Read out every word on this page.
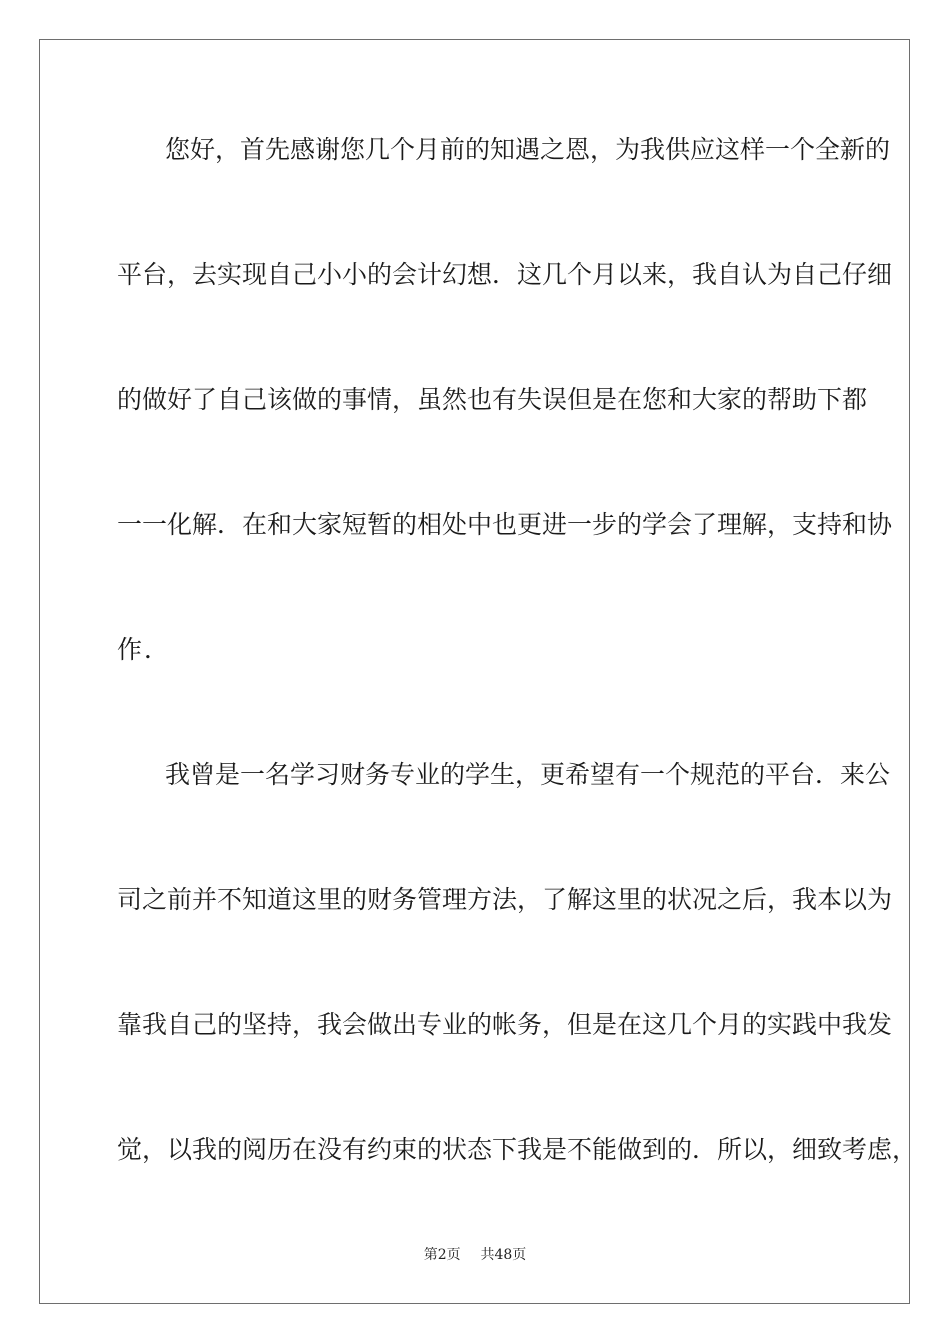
您好，首先感谢您几个月前的知遇之恩，为我供应这样一个全新的
平台，去实现自己小小的会计幻想．这几个月以来，我自认为自己仔细
的做好了自己该做的事情，虽然也有失误但是在您和大家的帮助下都
一一化解．在和大家短暂的相处中也更进一步的学会了理解，支持和协
作．
我曾是一名学习财务专业的学生，更希望有一个规范的平台．来公
司之前并不知道这里的财务管理方法，了解这里的状况之后，我本以为
靠我自己的坚持，我会做出专业的帐务，但是在这几个月的实践中我发
觉，以我的阅历在没有约束的状态下我是不能做到的．所以，细致考虑，
第2页 共48页
